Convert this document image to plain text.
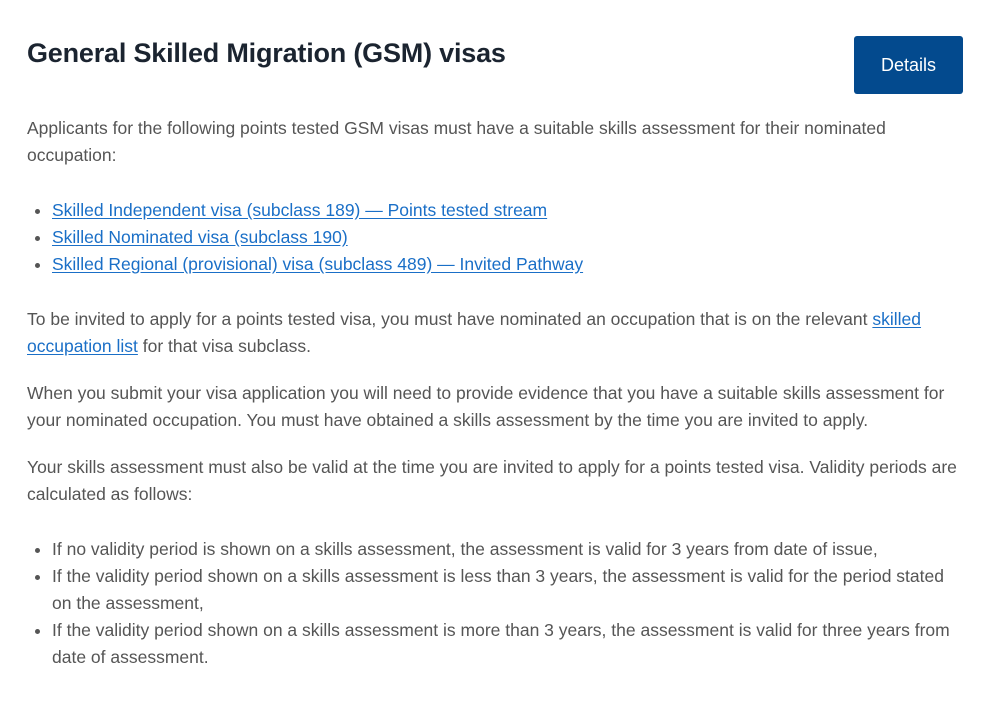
General Skilled Migration (GSM) visas	Details

Applicants for the following points tested GSM visas must have a suitable skills assessment for their nominated occupation:

• Skilled Independent visa (subclass 189) — Points tested stream
• Skilled Nominated visa (subclass 190)
• Skilled Regional (provisional) visa (subclass 489) — Invited Pathway

To be invited to apply for a points tested visa, you must have nominated an occupation that is on the relevant skilled occupation list for that visa subclass.

When you submit your visa application you will need to provide evidence that you have a suitable skills assessment for your nominated occupation. You must have obtained a skills assessment by the time you are invited to apply.

Your skills assessment must also be valid at the time you are invited to apply for a points tested visa. Validity periods are calculated as follows:

• If no validity period is shown on a skills assessment, the assessment is valid for 3 years from date of issue,
• If the validity period shown on a skills assessment is less than 3 years, the assessment is valid for the period stated on the assessment,
• If the validity period shown on a skills assessment is more than 3 years, the assessment is valid for three years from date of assessment.
